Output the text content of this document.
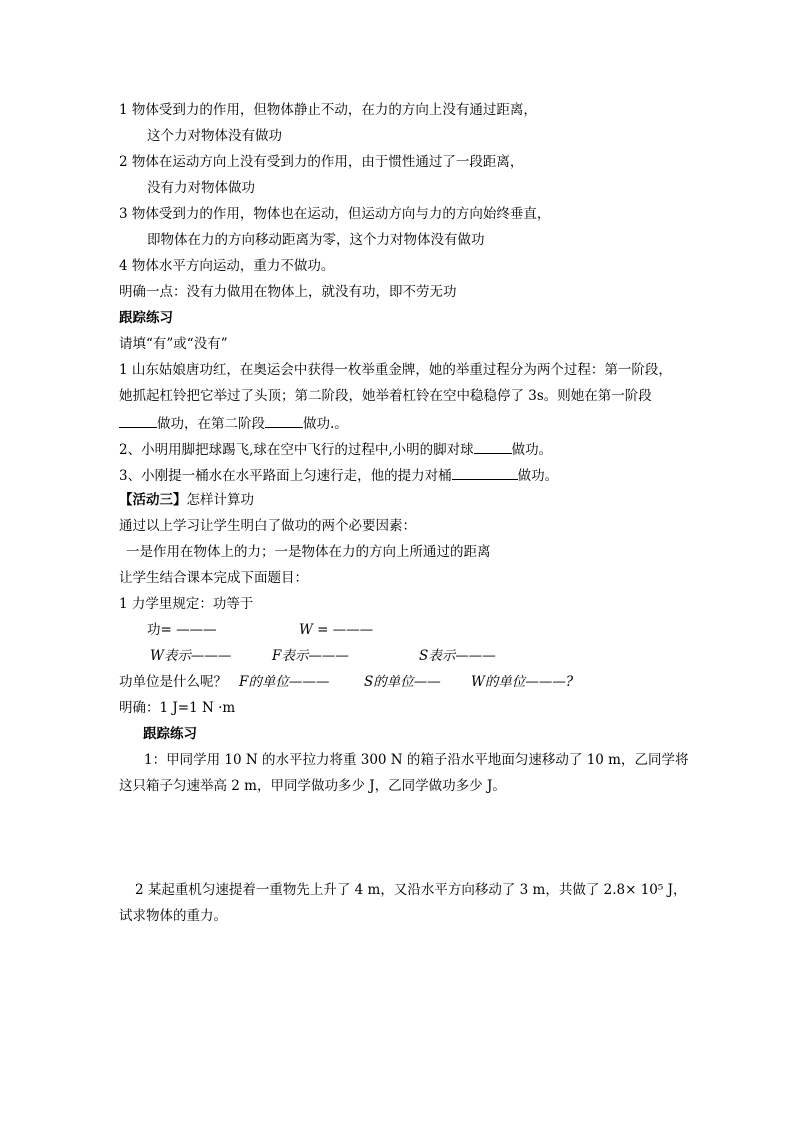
1 物体受到力的作用，但物体静止不动，在力的方向上没有通过距离，
这个力对物体没有做功
2 物体在运动方向上没有受到力的作用，由于惯性通过了一段距离，
没有力对物体做功
3 物体受到力的作用，物体也在运动，但运动方向与力的方向始终垂直，
即物体在力的方向移动距离为零，这个力对物体没有做功
4 物体水平方向运动，重力不做功。
明确一点：没有力做用在物体上，就没有功，即不劳无功
跟踪练习
请填“有”或“没有”
1 山东姑娘唐功红，在奥运会中获得一枚举重金牌，她的举重过程分为两个过程：第一阶段，
她抓起杠铃把它举过了头顶；第二阶段，她举着杠铃在空中稳稳停了 3s。则她在第一阶段
做功，在第二阶段	做功.。
2、小明用脚把球踢飞,球在空中飞行的过程中,小明的脚对球	做功。
3、小刚提一桶水在水平路面上匀速行走，他的提力对桶	做功。
【活动三】怎样计算功
通过以上学习让学生明白了做功的两个必要因素：
一是作用在物体上的力；一是物体在力的方向上所通过的距离
让学生结合课本完成下面题目：
1 力学里规定：功等于
功= ———	W = ———
W表示———	F表示———	S表示———
功单位是什么呢？ F的单位———	S的单位—— W的单位———?
明确：1 J=1 N ·m
跟踪练习
1：甲同学用 10 N 的水平拉力将重 300 N 的箱子沿水平地面匀速移动了 10 m，乙同学将
这只箱子匀速举高 2 m，甲同学做功多少 J，乙同学做功多少 J。
2 某起重机匀速提着一重物先上升了 4 m，又沿水平方向移动了 3 m，共做了 2.8× 10⁵ J，
试求物体的重力。
